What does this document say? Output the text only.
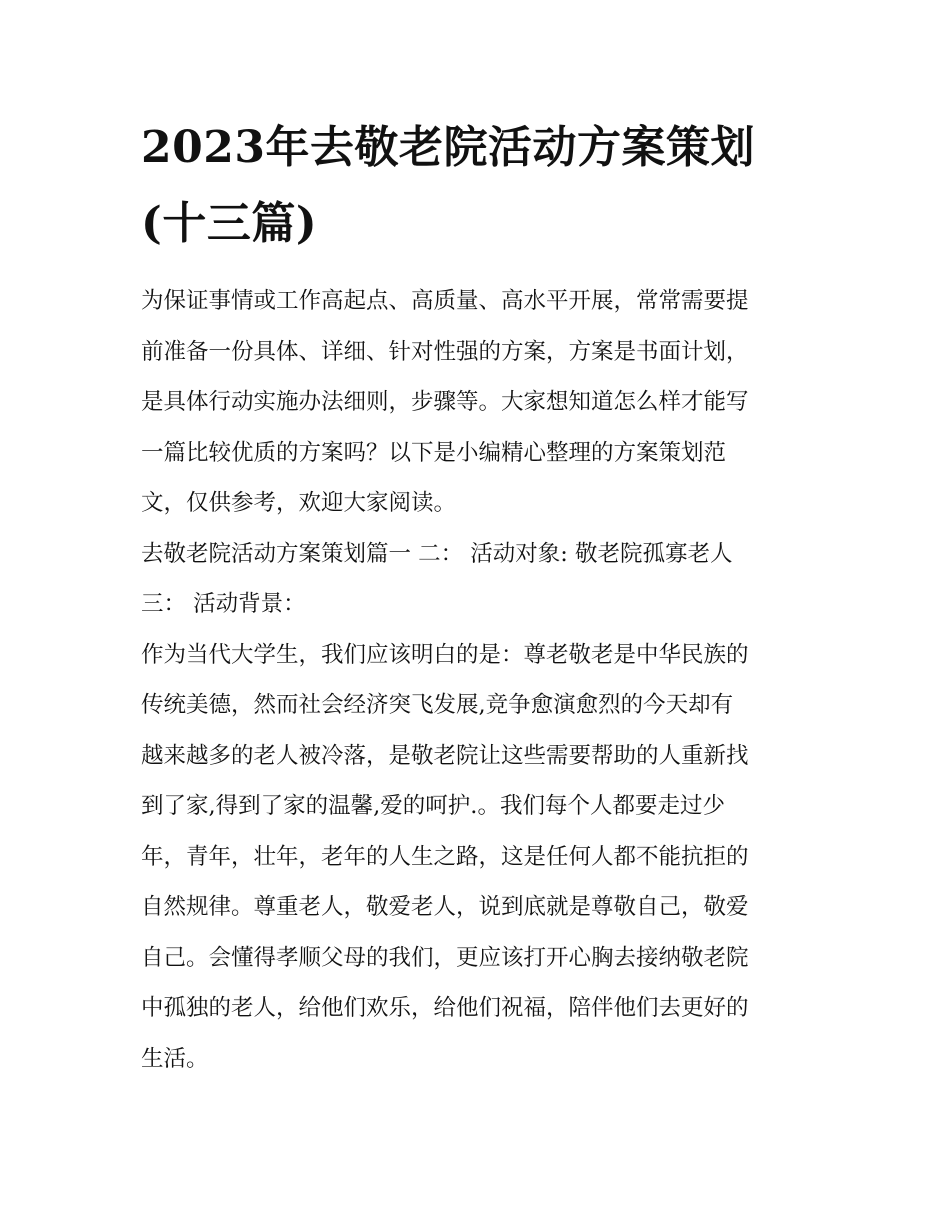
2023年去敬老院活动方案策划
(十三篇)

为保证事情或工作高起点、高质量、高水平开展，常常需要提
前准备一份具体、详细、针对性强的方案，方案是书面计划，
是具体行动实施办法细则，步骤等。大家想知道怎么样才能写
一篇比较优质的方案吗？以下是小编精心整理的方案策划范
文，仅供参考，欢迎大家阅读。

去敬老院活动方案策划篇一 二： 活动对象: 敬老院孤寡老人

三： 活动背景：

作为当代大学生，我们应该明白的是：尊老敬老是中华民族的
传统美德，然而社会经济突飞发展,竞争愈演愈烈的今天却有
越来越多的老人被冷落，是敬老院让这些需要帮助的人重新找
到了家,得到了家的温馨,爱的呵护.。我们每个人都要走过少
年，青年，壮年，老年的人生之路，这是任何人都不能抗拒的
自然规律。尊重老人，敬爱老人，说到底就是尊敬自己，敬爱
自己。会懂得孝顺父母的我们，更应该打开心胸去接纳敬老院
中孤独的老人，给他们欢乐，给他们祝福，陪伴他们去更好的
生活。
